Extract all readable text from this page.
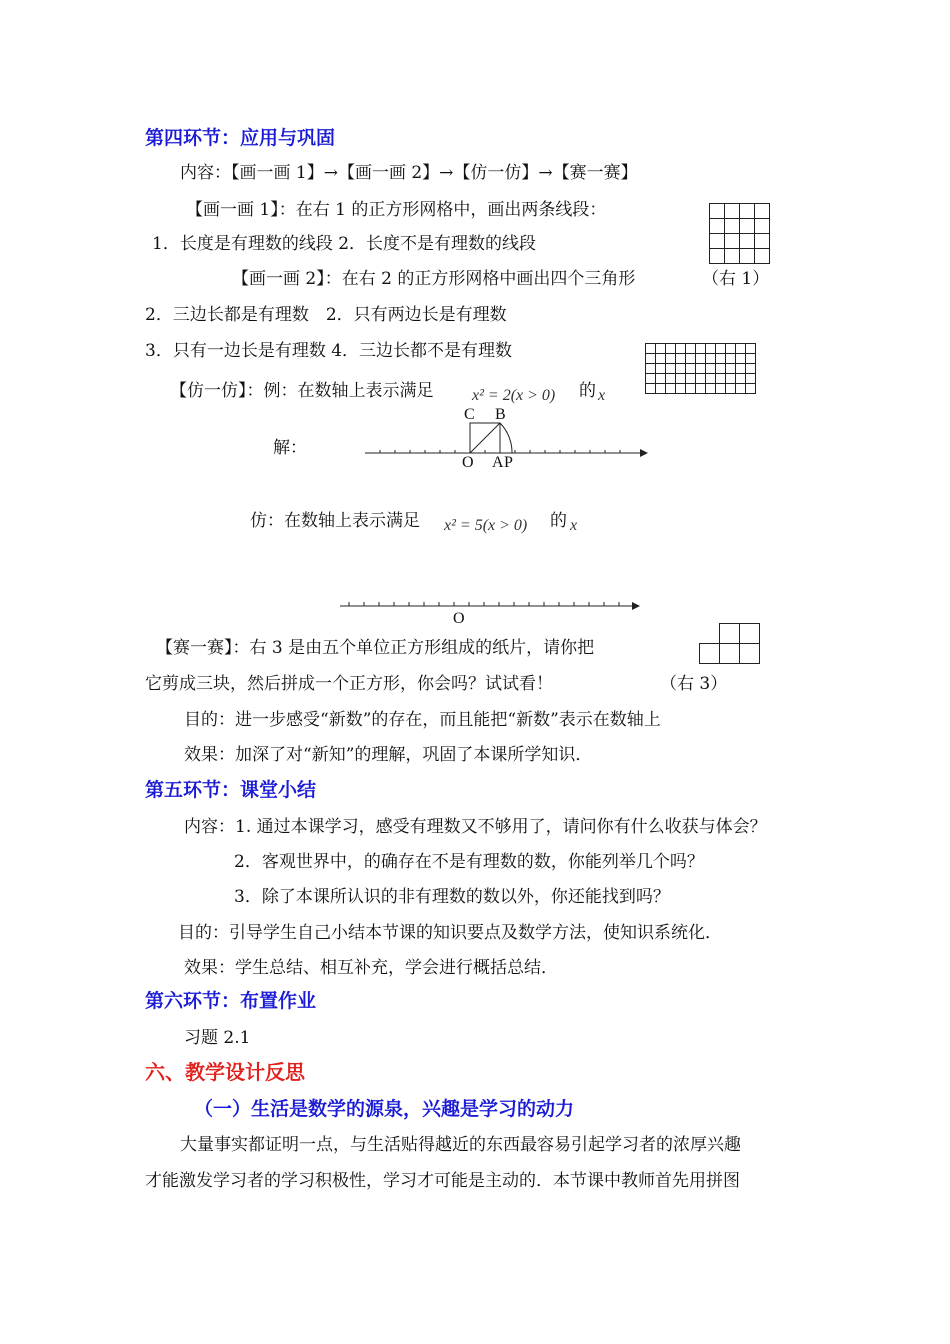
第四环节：应用与巩固
内容：【画一画 1】→【画一画 2】→【仿一仿】→【赛一赛】
【画一画 1】：在右 1 的正方形网格中，画出两条线段：
1．长度是有理数的线段 2．长度不是有理数的线段
【画一画 2】：在右 2 的正方形网格中画出四个三角形	（右 1）
2．三边长都是有理数　2．只有两边长是有理数
3．只有一边长是有理数 4．三边长都不是有理数
【仿一仿】：例：在数轴上表示满足 x² = 2(x > 0) 的 x
解：
C B
O A P
仿：在数轴上表示满足 x² = 5(x > 0) 的 x
O
【赛一赛】：右 3 是由五个单位正方形组成的纸片，请你把
它剪成三块，然后拼成一个正方形，你会吗？试试看！	（右 3）
目的：进一步感受“新数”的存在，而且能把“新数”表示在数轴上
效果：加深了对“新知”的理解，巩固了本课所学知识．
第五环节：课堂小结
内容：1. 通过本课学习，感受有理数又不够用了，请问你有什么收获与体会？
2．客观世界中，的确存在不是有理数的数，你能列举几个吗？
3．除了本课所认识的非有理数的数以外，你还能找到吗？
目的：引导学生自己小结本节课的知识要点及数学方法，使知识系统化．
效果：学生总结、相互补充，学会进行概括总结．
第六环节：布置作业
习题 2.1
六、教学设计反思
（一）生活是数学的源泉，兴趣是学习的动力
大量事实都证明一点，与生活贴得越近的东西最容易引起学习者的浓厚兴趣
才能激发学习者的学习积极性，学习才可能是主动的．本节课中教师首先用拼图
